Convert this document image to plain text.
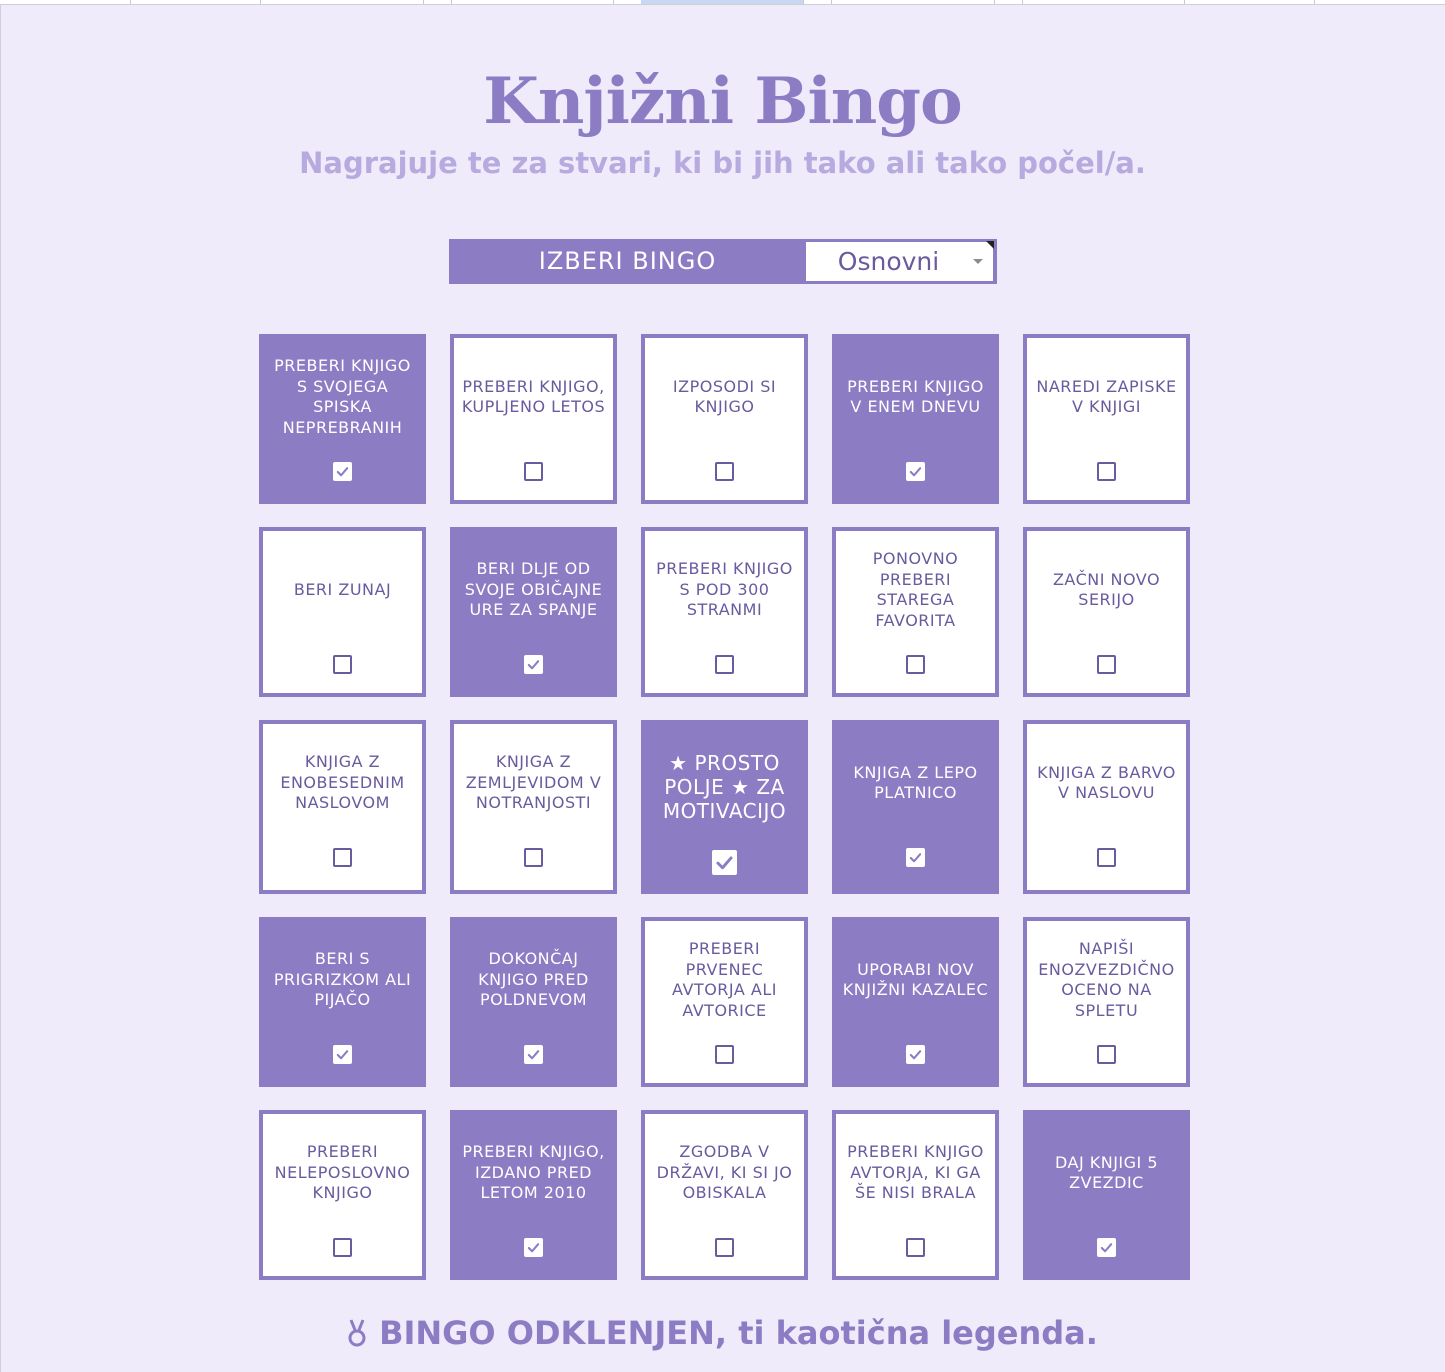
Knjižni Bingo

Nagrajuje te za stvari, ki bi jih tako ali tako počel/a.

IZBERI BINGO	Osnovni
PREBERI KNJIGO S SVOJEGA SPISKA NEPREBRANIH
PREBERI KNJIGO, KUPLJENO LETOS
IZPOSODI SI KNJIGO
PREBERI KNJIGO V ENEM DNEVU
NAREDI ZAPISKE V KNJIGI
BERI ZUNAJ
BERI DLJE OD SVOJE OBIČAJNE URE ZA SPANJE
PREBERI KNJIGO S POD 300 STRANMI
PONOVNO PREBERI STAREGA FAVORITA
ZAČNI NOVO SERIJO
KNJIGA Z ENOBESEDNIM NASLOVOM
KNJIGA Z ZEMLJEVIDOM V NOTRANJOSTI
★ PROSTO POLJE ★ ZA MOTIVACIJO
KNJIGA Z LEPO PLATNICO
KNJIGA Z BARVO V NASLOVU
BERI S PRIGRIZKOM ALI PIJAČO
DOKONČAJ KNJIGO PRED POLDNEVOM
PREBERI PRVENEC AVTORJA ALI AVTORICE
UPORABI NOV KNJIŽNI KAZALEC
NAPIŠI ENOZVEZDIČNO OCENO NA SPLETU
PREBERI NELEPOSLOVNO KNJIGO
PREBERI KNJIGO, IZDANO PRED LETOM 2010
ZGODBA V DRŽAVI, KI SI JO OBISKALA
PREBERI KNJIGO AVTORJA, KI GA ŠE NISI BRALA
DAJ KNJIGI 5 ZVEZDIC

BINGO ODKLENJEN, ti kaotična legenda.
